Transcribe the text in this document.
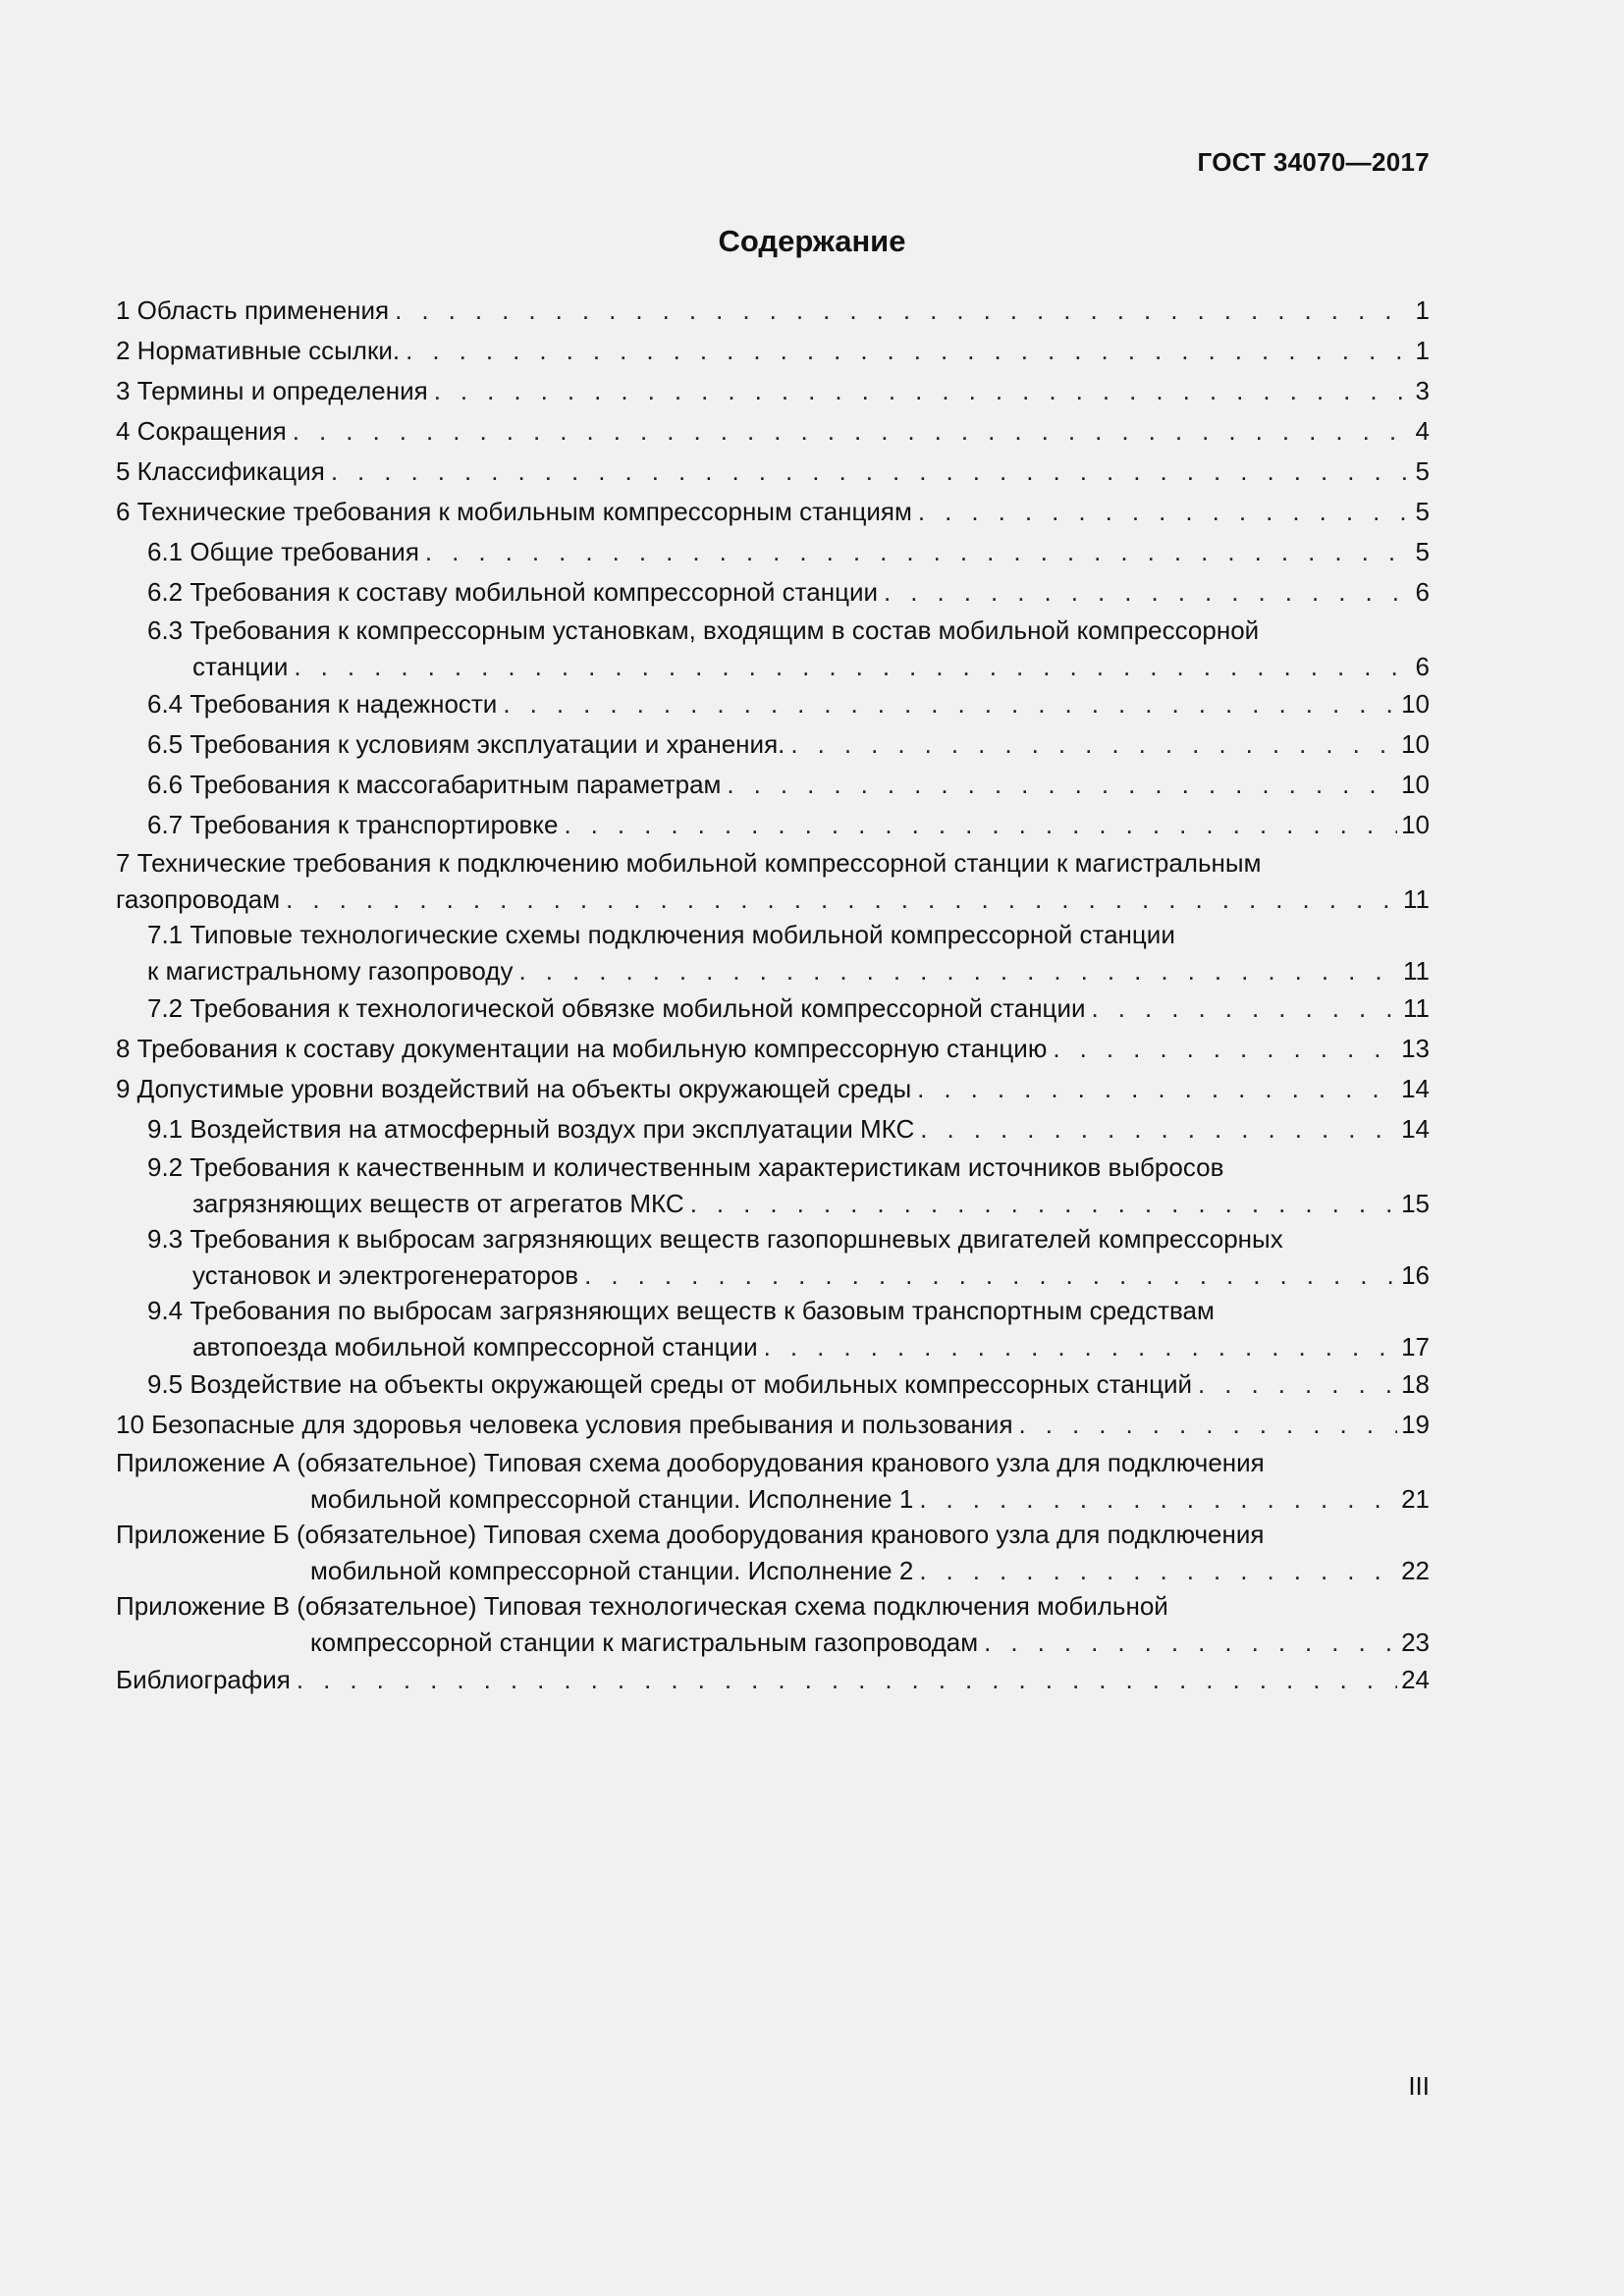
ГОСТ 34070—2017
Содержание
1 Область применения . . .	1
2 Нормативные ссылки. . . .	1
3 Термины и определения . . .	3
4 Сокращения . . .	4
5 Классификация . . .	5
6 Технические требования к мобильным компрессорным станциям . . .	5
6.1 Общие требования . . .	5
6.2 Требования к составу мобильной компрессорной станции . . .	6
6.3 Требования к компрессорным установкам, входящим в состав мобильной компрессорной
станции . . .	6
6.4 Требования к надежности . . .	10
6.5 Требования к условиям эксплуатации и хранения. . . .	10
6.6 Требования к массогабаритным параметрам . . .	10
6.7 Требования к транспортировке . . .	10
7 Технические требования к подключению мобильной компрессорной станции к магистральным
газопроводам . . .	11
7.1 Типовые технологические схемы подключения мобильной компрессорной станции
к магистральному газопроводу . . .	11
7.2 Требования к технологической обвязке мобильной компрессорной станции . . .	11
8 Требования к составу документации на мобильную компрессорную станцию . . .	13
9 Допустимые уровни воздействий на объекты окружающей среды . . .	14
9.1 Воздействия на атмосферный воздух при эксплуатации МКС . . .	14
9.2 Требования к качественным и количественным характеристикам источников выбросов
загрязняющих веществ от агрегатов МКС . . .	15
9.3 Требования к выбросам загрязняющих веществ газопоршневых двигателей компрессорных
установок и электрогенераторов . . .	16
9.4 Требования по выбросам загрязняющих веществ к базовым транспортным средствам
автопоезда мобильной компрессорной станции . . .	17
9.5 Воздействие на объекты окружающей среды от мобильных компрессорных станций . . .	18
10 Безопасные для здоровья человека условия пребывания и пользования . . .	19
Приложение А (обязательное) Типовая схема дооборудования кранового узла для подключения
мобильной компрессорной станции. Исполнение 1 . . .	21
Приложение Б (обязательное) Типовая схема дооборудования кранового узла для подключения
мобильной компрессорной станции. Исполнение 2 . . .	22
Приложение В (обязательное) Типовая технологическая схема подключения мобильной
компрессорной станции к магистральным газопроводам . . .	23
Библиография . . .	24
III
